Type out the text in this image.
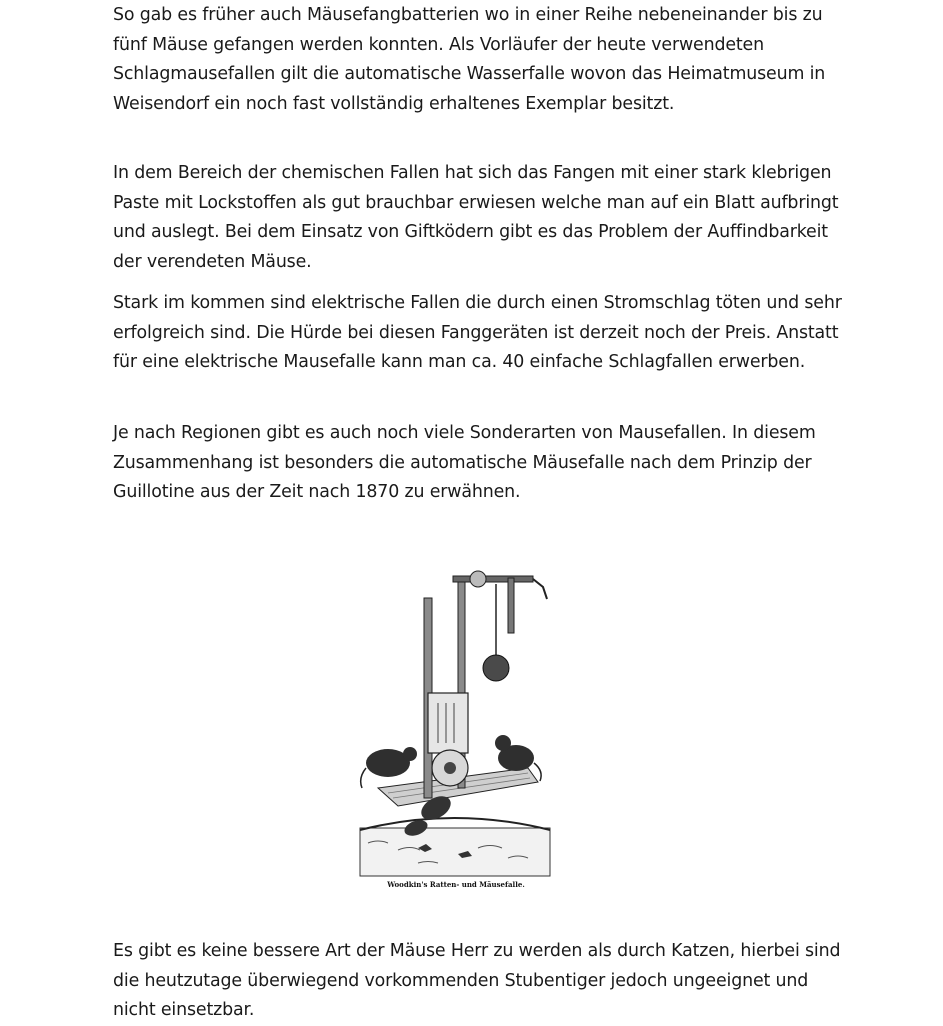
So gab es früher auch Mäusefangbatterien wo in einer Reihe nebeneinander bis zu fünf Mäuse gefangen werden konnten. Als Vorläufer der heute verwendeten Schlagmausefallen gilt die automatische Wasserfalle wovon das Heimatmuseum in Weisendorf ein noch fast vollständig erhaltenes Exemplar besitzt.

In dem Bereich der chemischen Fallen hat sich das Fangen mit einer stark klebrigen Paste mit Lockstoffen als gut brauchbar erwiesen welche man auf ein Blatt aufbringt und auslegt. Bei dem Einsatz von Giftködern gibt es das Problem der Auffindbarkeit der verendeten Mäuse.

Stark im kommen sind elektrische Fallen die durch einen Stromschlag töten und sehr erfolgreich sind. Die Hürde bei diesen Fanggeräten ist derzeit noch der Preis. Anstatt für eine elektrische Mausefalle kann man ca. 40 einfache Schlagfallen erwerben.

Je nach Regionen gibt es auch noch viele Sonderarten von Mausefallen. In diesem Zusammenhang ist besonders die automatische Mäusefalle nach dem Prinzip der Guillotine aus der Zeit nach 1870 zu erwähnen.

Woodkin's Ratten- und Mäusefalle.

Es gibt es keine bessere Art der Mäuse Herr zu werden als durch Katzen, hierbei sind die heutzutage überwiegend vorkommenden Stubentiger jedoch ungeeignet und nicht einsetzbar.
